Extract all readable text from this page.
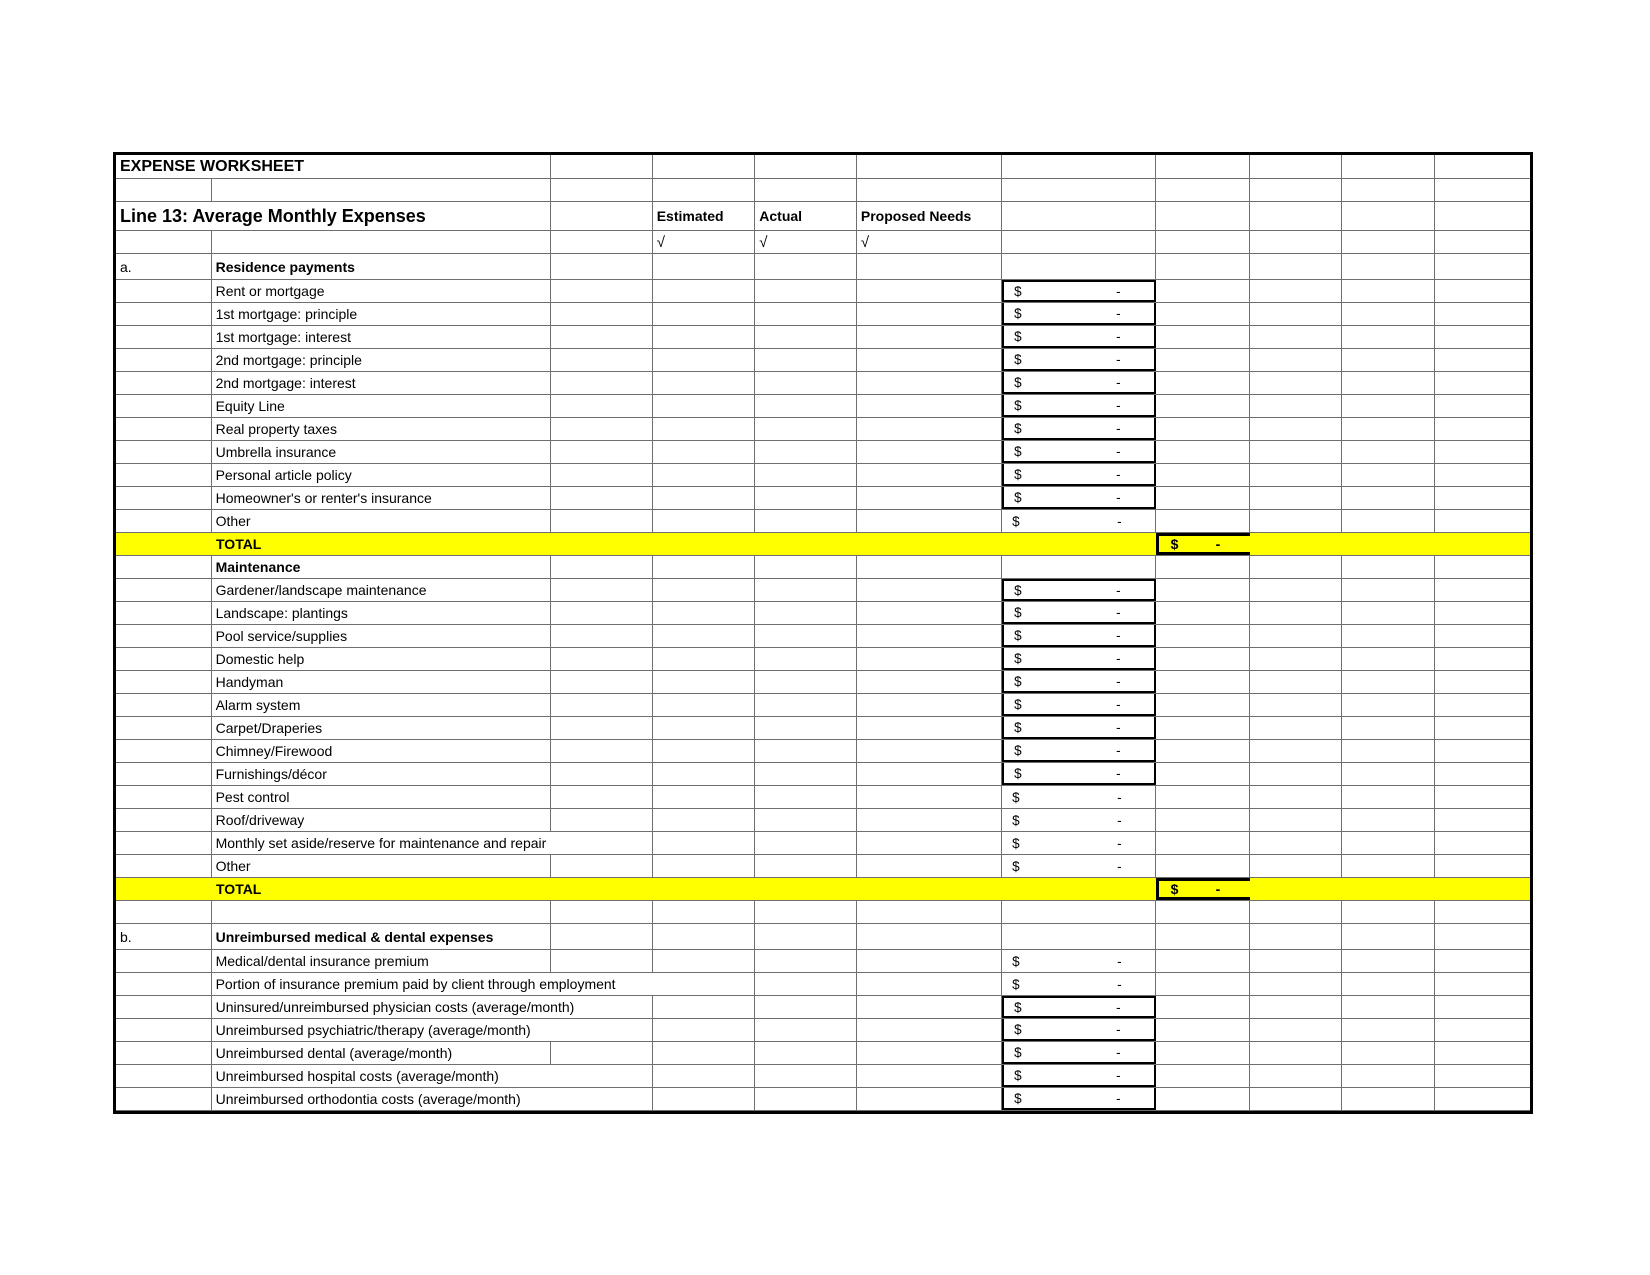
EXPENSE WORKSHEET
Line 13: Average Monthly Expenses	Estimated	Actual	Proposed Needs
√	√	√
a.	Residence payments
Rent or mortgage	$	-
1st mortgage: principle	$	-
1st mortgage: interest	$	-
2nd mortgage: principle	$	-
2nd mortgage: interest	$	-
Equity Line	$	-
Real property taxes	$	-
Umbrella insurance	$	-
Personal article policy	$	-
Homeowner's or renter's insurance	$	-
Other	$	-
TOTAL	$	-
Maintenance
Gardener/landscape maintenance	$	-
Landscape: plantings	$	-
Pool service/supplies	$	-
Domestic help	$	-
Handyman	$	-
Alarm system	$	-
Carpet/Draperies	$	-
Chimney/Firewood	$	-
Furnishings/décor	$	-
Pest control	$	-
Roof/driveway	$	-
Monthly set aside/reserve for maintenance and repair	$	-
Other	$	-
TOTAL	$	-
b.	Unreimbursed medical & dental expenses
Medical/dental insurance premium	$	-
Portion of insurance premium paid by client through employment	$	-
Uninsured/unreimbursed physician costs (average/month)	$	-
Unreimbursed psychiatric/therapy (average/month)	$	-
Unreimbursed dental (average/month)	$	-
Unreimbursed hospital costs (average/month)	$	-
Unreimbursed orthodontia costs (average/month)	$	-
